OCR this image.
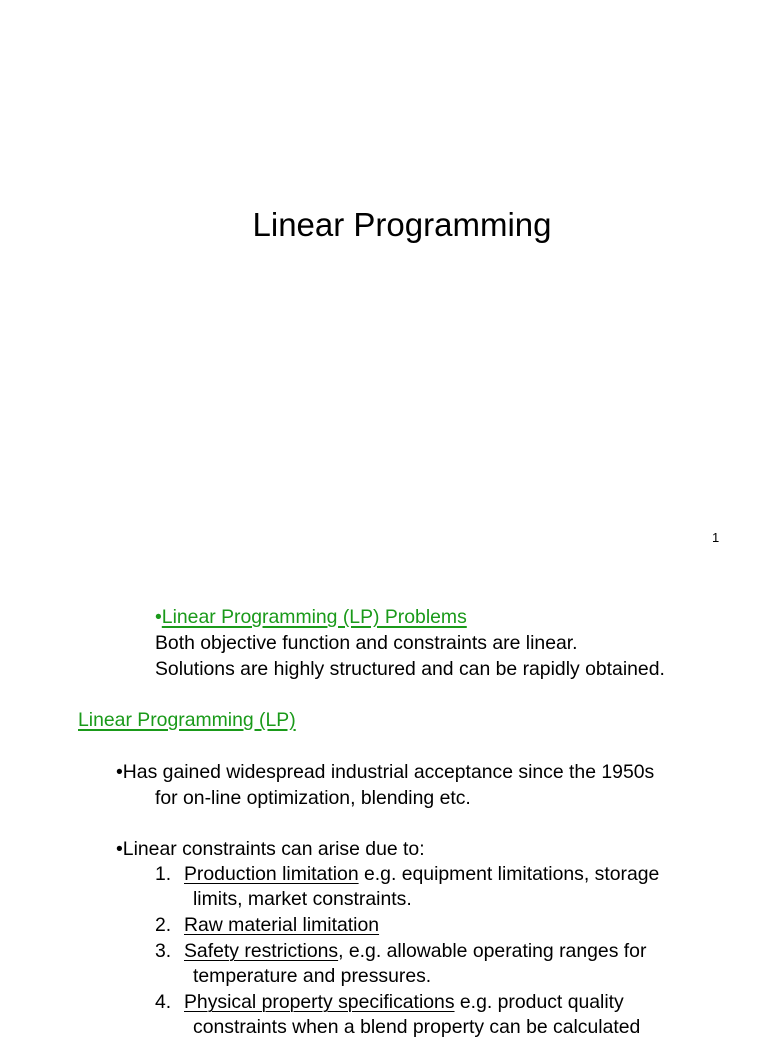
Linear Programming
1
•Linear Programming (LP) Problems
Both objective function and constraints are linear.
Solutions are highly structured and can be rapidly obtained.
Linear Programming (LP)
•Has gained widespread industrial acceptance since the 1950s
for on-line optimization, blending etc.
•Linear constraints can arise due to:
1. Production limitation e.g. equipment limitations, storage
limits, market constraints.
2. Raw material limitation
3. Safety restrictions, e.g. allowable operating ranges for
temperature and pressures.
4. Physical property specifications e.g. product quality
constraints when a blend property can be calculated
